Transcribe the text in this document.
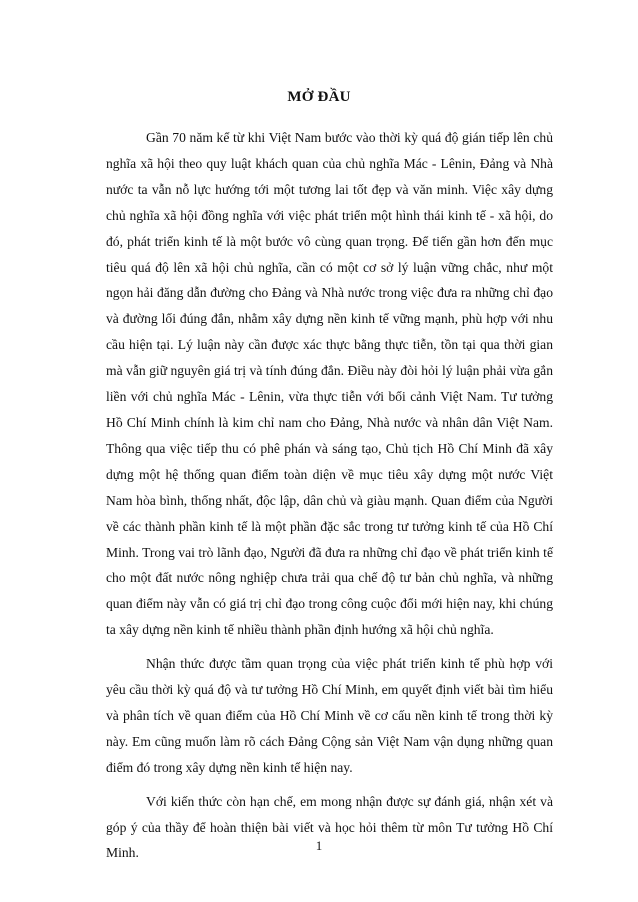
MỞ ĐẦU

Gần 70 năm kể từ khi Việt Nam bước vào thời kỳ quá độ gián tiếp lên chủ nghĩa xã hội theo quy luật khách quan của chủ nghĩa Mác - Lênin, Đảng và Nhà nước ta vẫn nỗ lực hướng tới một tương lai tốt đẹp và văn minh. Việc xây dựng chủ nghĩa xã hội đồng nghĩa với việc phát triển một hình thái kinh tế - xã hội, do đó, phát triển kinh tế là một bước vô cùng quan trọng. Để tiến gần hơn đến mục tiêu quá độ lên xã hội chủ nghĩa, cần có một cơ sở lý luận vững chắc, như một ngọn hải đăng dẫn đường cho Đảng và Nhà nước trong việc đưa ra những chỉ đạo và đường lối đúng đắn, nhằm xây dựng nền kinh tế vững mạnh, phù hợp với nhu cầu hiện tại. Lý luận này cần được xác thực bằng thực tiễn, tồn tại qua thời gian mà vẫn giữ nguyên giá trị và tính đúng đắn. Điều này đòi hỏi lý luận phải vừa gắn liền với chủ nghĩa Mác - Lênin, vừa thực tiễn với bối cảnh Việt Nam. Tư tưởng Hồ Chí Minh chính là kim chỉ nam cho Đảng, Nhà nước và nhân dân Việt Nam. Thông qua việc tiếp thu có phê phán và sáng tạo, Chủ tịch Hồ Chí Minh đã xây dựng một hệ thống quan điểm toàn diện về mục tiêu xây dựng một nước Việt Nam hòa bình, thống nhất, độc lập, dân chủ và giàu mạnh. Quan điểm của Người về các thành phần kinh tế là một phần đặc sắc trong tư tưởng kinh tế của Hồ Chí Minh. Trong vai trò lãnh đạo, Người đã đưa ra những chỉ đạo về phát triển kinh tế cho một đất nước nông nghiệp chưa trải qua chế độ tư bản chủ nghĩa, và những quan điểm này vẫn có giá trị chỉ đạo trong công cuộc đổi mới hiện nay, khi chúng ta xây dựng nền kinh tế nhiều thành phần định hướng xã hội chủ nghĩa.

Nhận thức được tầm quan trọng của việc phát triển kinh tế phù hợp với yêu cầu thời kỳ quá độ và tư tưởng Hồ Chí Minh, em quyết định viết bài tìm hiểu và phân tích về quan điểm của Hồ Chí Minh về cơ cấu nền kinh tế trong thời kỳ này. Em cũng muốn làm rõ cách Đảng Cộng sản Việt Nam vận dụng những quan điểm đó trong xây dựng nền kinh tế hiện nay.

Với kiến thức còn hạn chế, em mong nhận được sự đánh giá, nhận xét và góp ý của thầy để hoàn thiện bài viết và học hỏi thêm từ môn Tư tưởng Hồ Chí Minh.	1
